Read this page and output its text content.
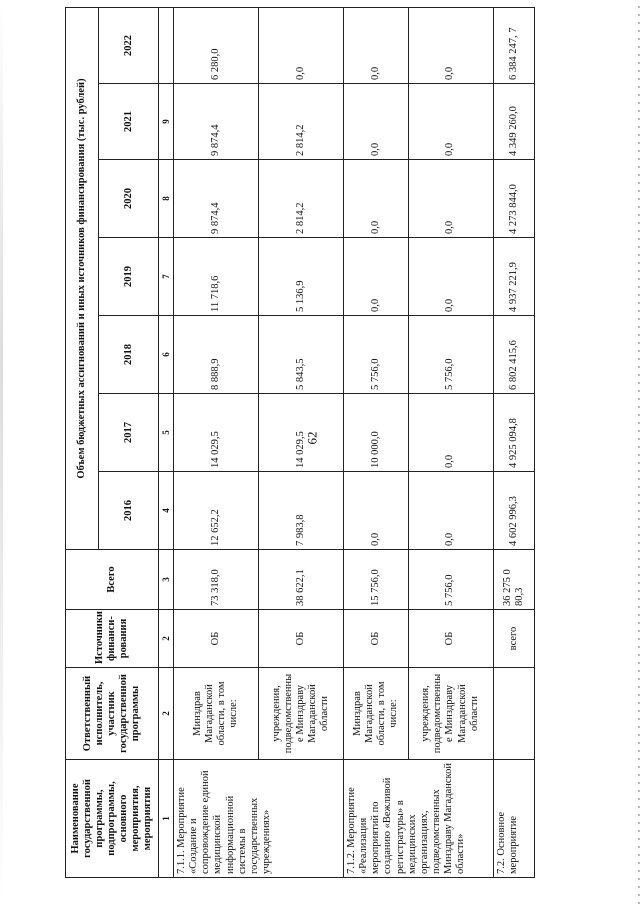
62
Наименование государственной программы, подпрограммы, основного мероприятия, мероприятия	Ответственный исполнитель, участник государственной программы	Источники финанси-рования	Всего	Объем бюджетных ассигнований и иных источников финансирования (тыс. рублей)						
				2016	2017	2018	2019	2020	2021	2022
1	2	2	3	4	5	6	7	8	9	
7.1.1. Мероприятие «Создание и сопровождение единой медицинской информационной системы в государственных учреждениях»	Минздрав Магаданской области, в том числе:	ОБ	73 318,0	12 652,2	14 029,5	8 888,9	11 718,6	9 874,4	9 874,4	6 280,0
	учреждения, подведомственны е Минздраву Магаданской области	ОБ	38 622,1	7 983,8	14 029,5	5 843,5	5 136,9	2 814,2	2 814,2	0,0
7.1.2. Мероприятие «Реализация мероприятий по созданию «Вежливой регистратуры» в медицинских организациях, подведомственных Минздраву Магаданской области»	Минздрав Магаданской области, в том числе:	ОБ	15 756,0	0,0	10 000,0	5 756,0	0,0	0,0	0,0	0,0
	учреждения, подведомственны е Минздраву Магаданской области	ОБ	5 756,0	0,0	0,0	5 756,0	0,0	0,0	0,0	0,0
7.2. Основное мероприятие		всего	36 275 0 80,3	4 602 996,3	4 925 094,8	6 802 415,6	4 937 221,9	4 273 844,0	4 349 260,0	6 384 247, 7
